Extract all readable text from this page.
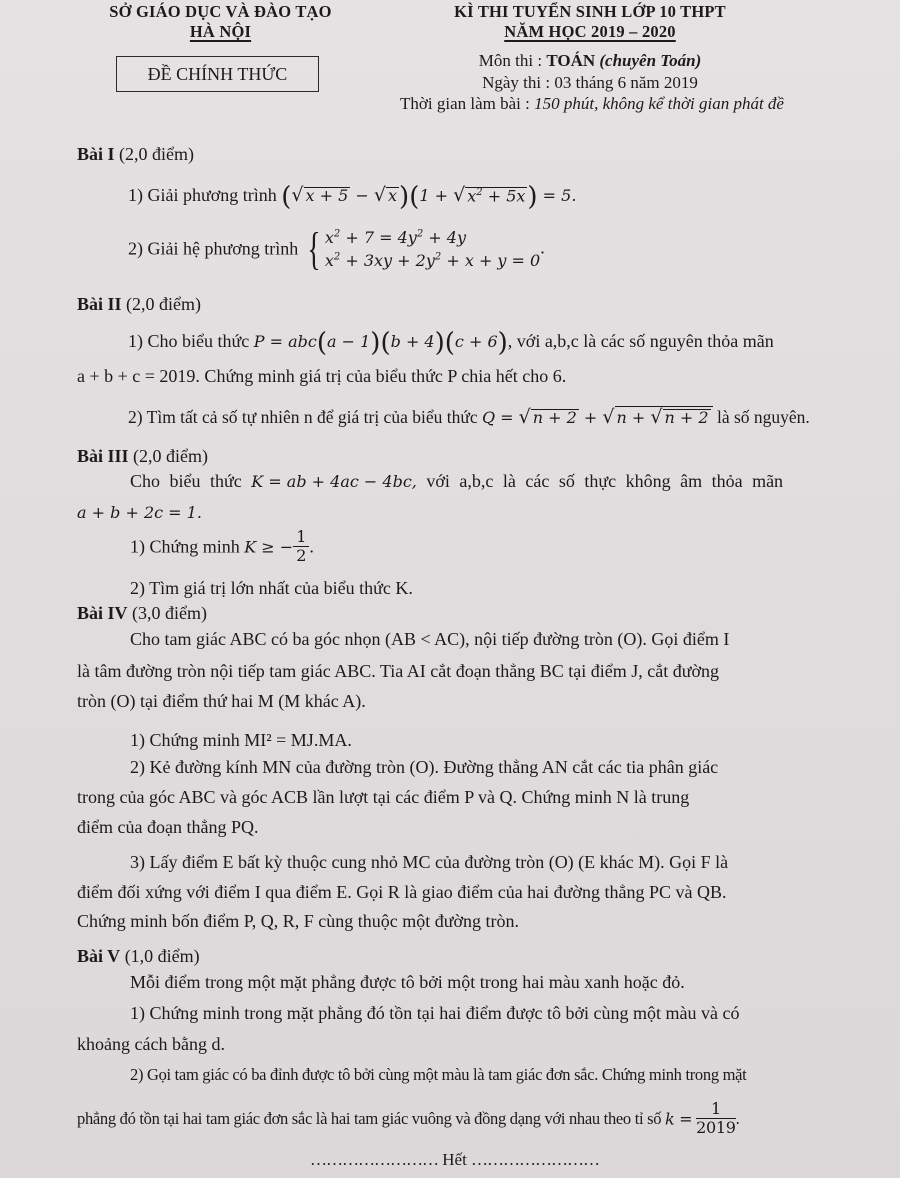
SỞ GIÁO DỤC VÀ ĐÀO TẠO
HÀ NỘI
ĐỀ CHÍNH THỨC
KÌ THI TUYỂN SINH LỚP 10 THPT
NĂM HỌC 2019 – 2020
Môn thi : TOÁN (chuyên Toán)
Ngày thi : 03 tháng 6 năm 2019
Thời gian làm bài : 150 phút, không kể thời gian phát đề
Bài I (2,0 điểm)
1) Giải phương trình (√ x + 5 − √ x)(1 + √ $x^2 + 5x) = 5$.
2) Giải hệ phương trình { $x^2 + 7 = 4y^2 + 4y$
$x^2 + 3xy + 2y^2 + x + y = 0$
.
Bài II (2,0 điểm)
1) Cho biểu thức P = abc(a − 1)(b + 4)(c + 6), với a,b,c là các số nguyên thỏa mãn
a + b + c = 2019. Chứng minh giá trị của biểu thức P chia hết cho 6.
2) Tìm tất cả số tự nhiên n để giá trị của biểu thức Q = √ n + 2 + √ n + √ n + 2 là số nguyên.
Bài III (2,0 điểm)
Cho biểu thức K = ab + 4ac − 4bc, với a,b,c là các số thực không âm thỏa mãn
a + b + 2c = 1.
1) Chứng minh K ≥ − $\frac{1}{2}$ .
2) Tìm giá trị lớn nhất của biểu thức K.
Bài IV (3,0 điểm)
Cho tam giác ABC có ba góc nhọn (AB < AC), nội tiếp đường tròn (O). Gọi điểm I
là tâm đường tròn nội tiếp tam giác ABC. Tia AI cắt đoạn thẳng BC tại điểm J, cắt đường
tròn (O) tại điểm thứ hai M (M khác A).
1) Chứng minh MI² = MJ.MA.
2) Kẻ đường kính MN của đường tròn (O). Đường thẳng AN cắt các tia phân giác
trong của góc ABC và góc ACB lần lượt tại các điểm P và Q. Chứng minh N là trung
điểm của đoạn thẳng PQ.
3) Lấy điểm E bất kỳ thuộc cung nhỏ MC của đường tròn (O) (E khác M). Gọi F là
điểm đối xứng với điểm I qua điểm E. Gọi R là giao điểm của hai đường thẳng PC và QB.
Chứng minh bốn điểm P, Q, R, F cùng thuộc một đường tròn.
Bài V (1,0 điểm)
Mỗi điểm trong một mặt phẳng được tô bởi một trong hai màu xanh hoặc đỏ.
1) Chứng minh trong mặt phẳng đó tồn tại hai điểm được tô bởi cùng một màu và có
khoảng cách bằng d.
2) Gọi tam giác có ba đỉnh được tô bởi cùng một màu là tam giác đơn sắc. Chứng minh trong mặt
phẳng đó tồn tại hai tam giác đơn sắc là hai tam giác vuông và đồng dạng với nhau theo tỉ số $k = \frac{1}{2019}$ .
…………………… Hết ……………………
